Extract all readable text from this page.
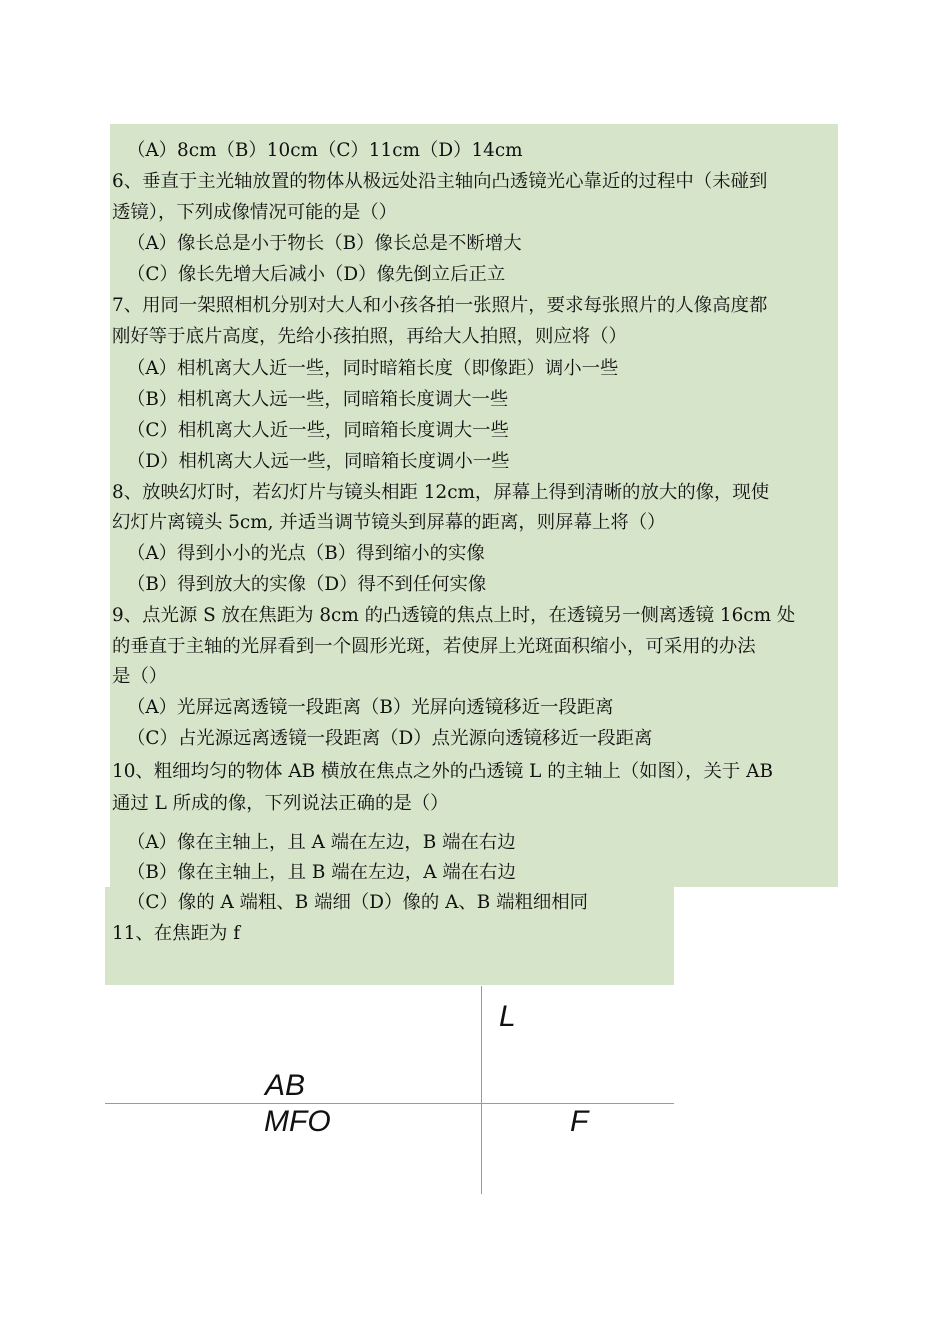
（A）8cm（B）10cm（C）11cm（D）14cm
6、垂直于主光轴放置的物体从极远处沿主轴向凸透镜光心靠近的过程中（未碰到
透镜），下列成像情况可能的是（）
（A）像长总是小于物长（B）像长总是不断增大
（C）像长先增大后减小（D）像先倒立后正立
7、用同一架照相机分别对大人和小孩各拍一张照片，要求每张照片的人像高度都
刚好等于底片高度，先给小孩拍照，再给大人拍照，则应将（）
（A）相机离大人近一些，同时暗箱长度（即像距）调小一些
（B）相机离大人远一些，同暗箱长度调大一些
（C）相机离大人近一些，同暗箱长度调大一些
（D）相机离大人远一些，同暗箱长度调小一些
8、放映幻灯时，若幻灯片与镜头相距 12cm，屏幕上得到清晰的放大的像，现使
幻灯片离镜头 5cm, 并适当调节镜头到屏幕的距离，则屏幕上将（）
（A）得到小小的光点（B）得到缩小的实像
（B）得到放大的实像（D）得不到任何实像
9、点光源 S 放在焦距为 8cm 的凸透镜的焦点上时，在透镜另一侧离透镜 16cm 处
的垂直于主轴的光屏看到一个圆形光斑，若使屏上光斑面积缩小，可采用的办法
是（）
（A）光屏远离透镜一段距离（B）光屏向透镜移近一段距离
（C）占光源远离透镜一段距离（D）点光源向透镜移近一段距离
10、粗细均匀的物体 AB 横放在焦点之外的凸透镜 L 的主轴上（如图），关于 AB
通过 L 所成的像，下列说法正确的是（）
（A）像在主轴上，且 A 端在左边，B 端在右边
（B）像在主轴上，且 B 端在左边，A 端在右边
（C）像的 A 端粗、B 端细（D）像的 A、B 端粗细相同
11、在焦距为 f
L
AB
MFO	F
